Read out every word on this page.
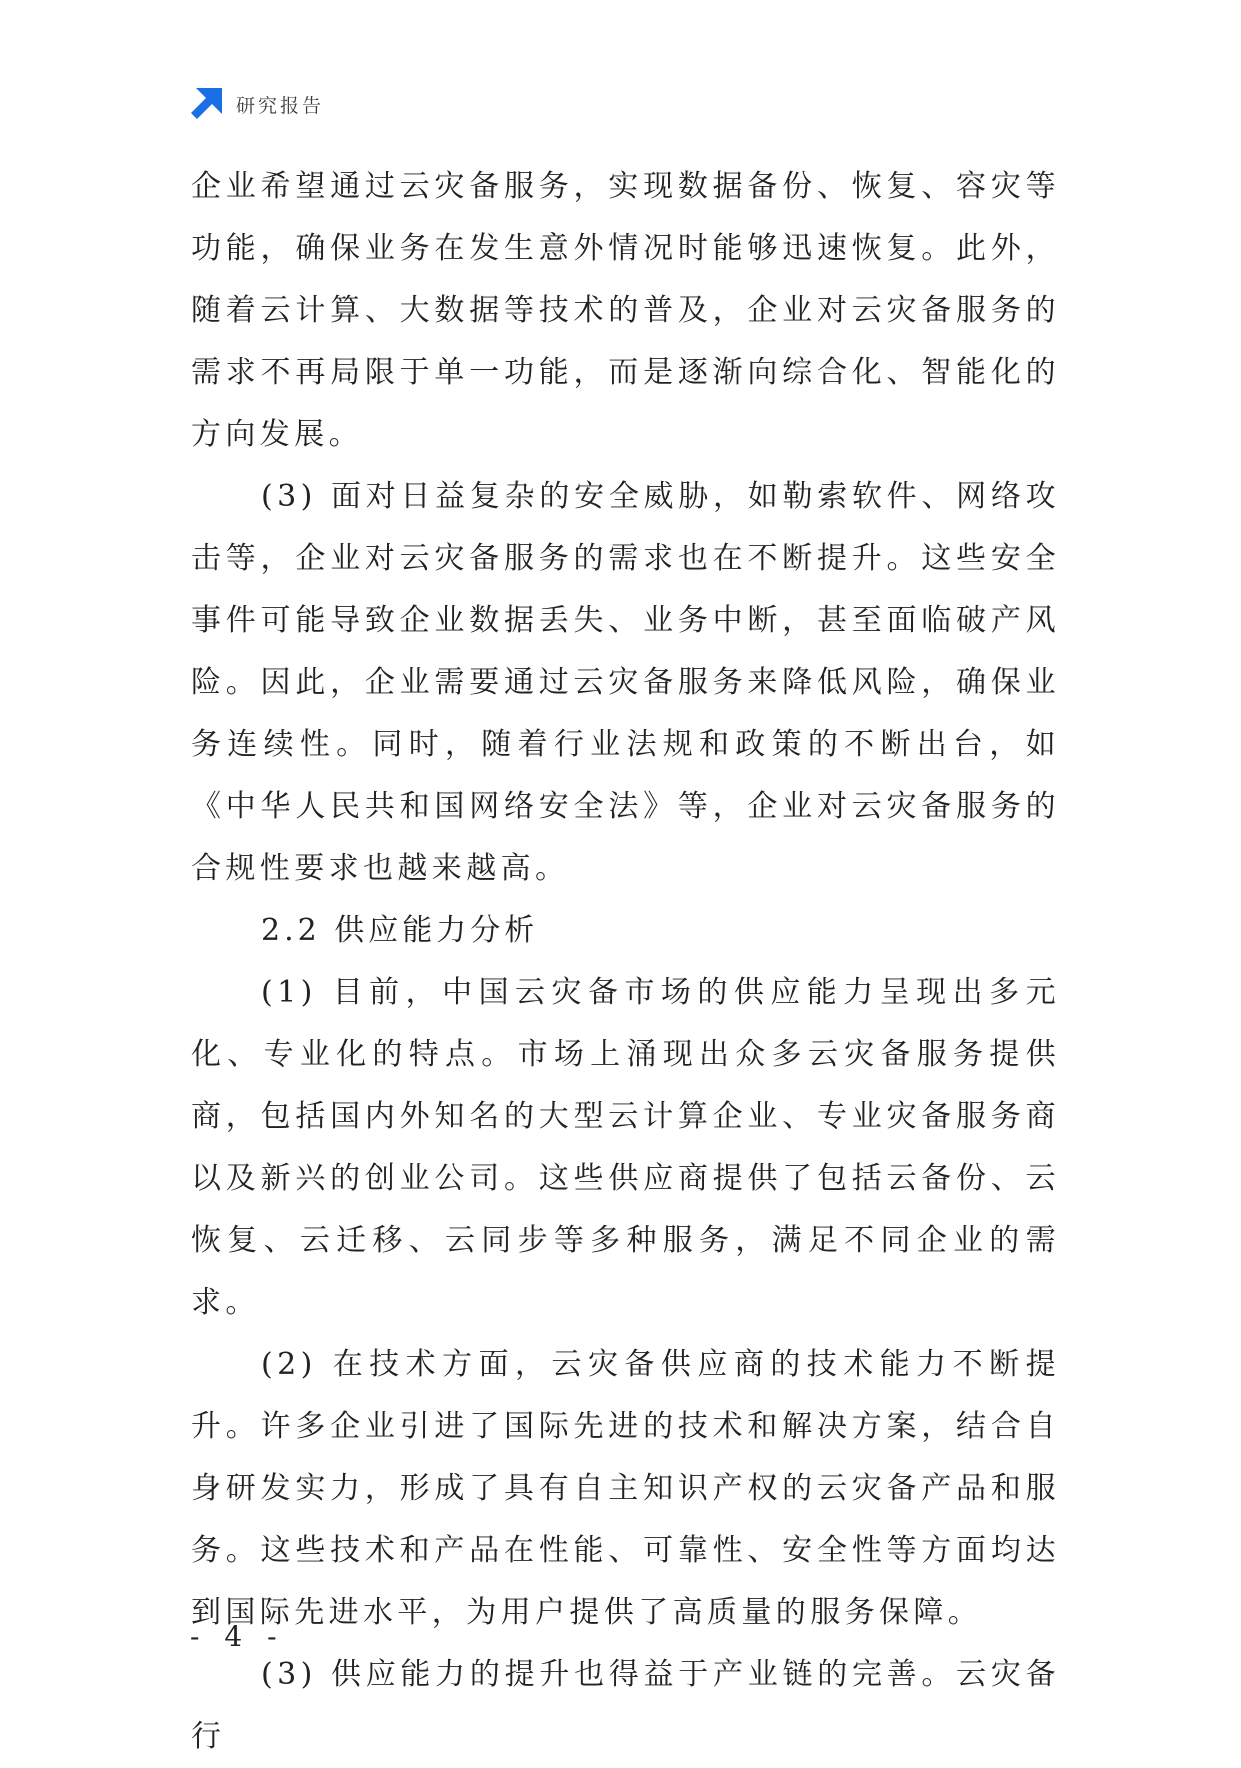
研究报告

企业希望通过云灾备服务，实现数据备份、恢复、容灾等功能，确保业务在发生意外情况时能够迅速恢复。此外，随着云计算、大数据等技术的普及，企业对云灾备服务的需求不再局限于单一功能，而是逐渐向综合化、智能化的方向发展。

(3) 面对日益复杂的安全威胁，如勒索软件、网络攻击等，企业对云灾备服务的需求也在不断提升。这些安全事件可能导致企业数据丢失、业务中断，甚至面临破产风险。因此，企业需要通过云灾备服务来降低风险，确保业务连续性。同时，随着行业法规和政策的不断出台，如《中华人民共和国网络安全法》等，企业对云灾备服务的合规性要求也越来越高。

2.2 供应能力分析

(1) 目前，中国云灾备市场的供应能力呈现出多元化、专业化的特点。市场上涌现出众多云灾备服务提供商，包括国内外知名的大型云计算企业、专业灾备服务商以及新兴的创业公司。这些供应商提供了包括云备份、云恢复、云迁移、云同步等多种服务，满足不同企业的需求。

(2) 在技术方面，云灾备供应商的技术能力不断提升。许多企业引进了国际先进的技术和解决方案，结合自身研发实力，形成了具有自主知识产权的云灾备产品和服务。这些技术和产品在性能、可靠性、安全性等方面均达到国际先进水平，为用户提供了高质量的服务保障。

(3) 供应能力的提升也得益于产业链的完善。云灾备行

- 4 -
